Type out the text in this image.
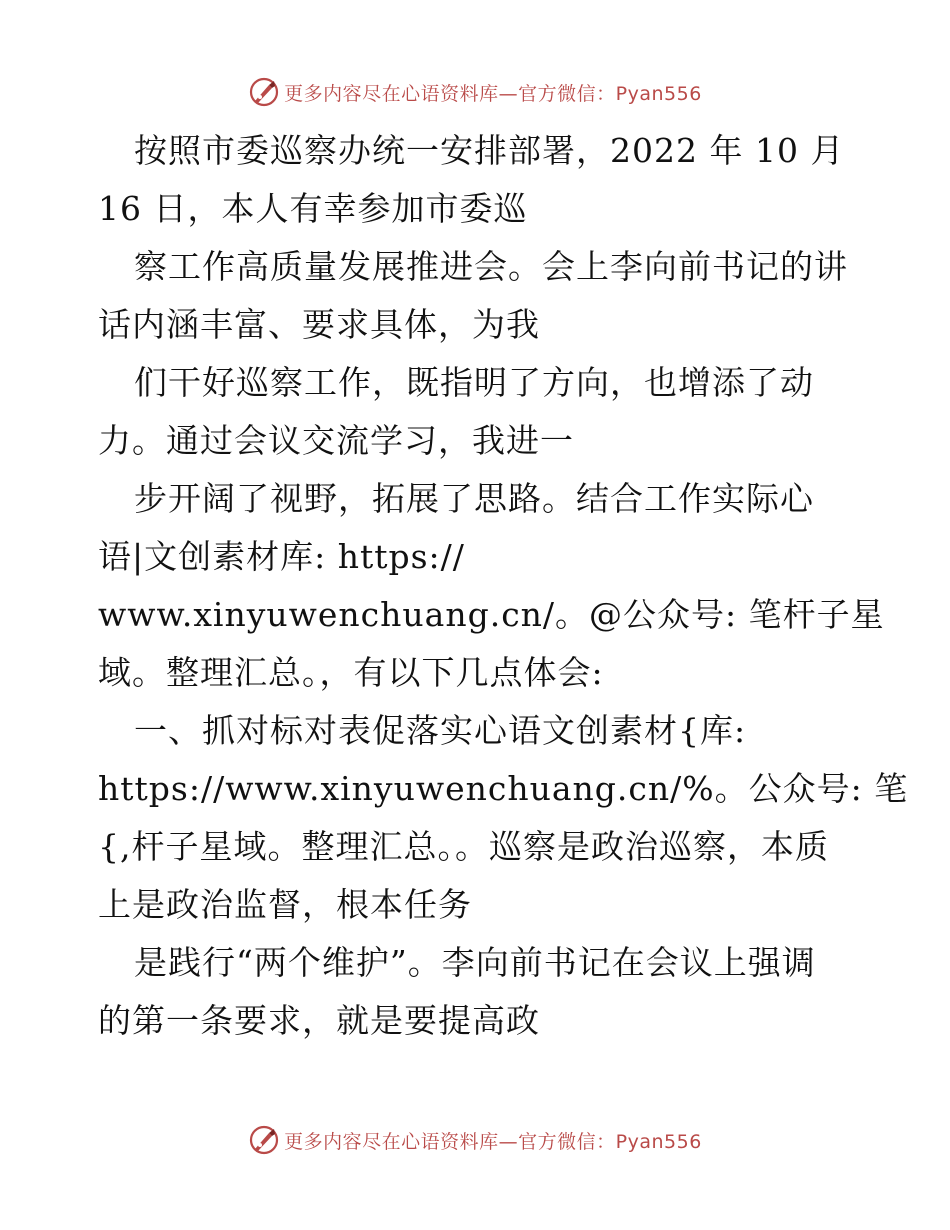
更多内容尽在心语资料库—官方微信：Pyan556
按照市委巡察办统一安排部署，2022 年 10 月
16 日，本人有幸参加市委巡
察工作高质量发展推进会。会上李向前书记的讲
话内涵丰富、要求具体，为我
们干好巡察工作，既指明了方向，也增添了动
力。通过会议交流学习，我进一
步开阔了视野，拓展了思路。结合工作实际心
语|文创素材库: https://
www.xinyuwenchuang.cn/。@公众号: 笔杆子星
域。整理汇总。，有以下几点体会:
一、抓对标对表促落实心语文创素材{库:
https://www.xinyuwenchuang.cn/%。公众号: 笔
{,杆子星域。整理汇总。。巡察是政治巡察，本质
上是政治监督，根本任务
是践行“两个维护”。李向前书记在会议上强调
的第一条要求，就是要提高政
更多内容尽在心语资料库—官方微信：Pyan556
